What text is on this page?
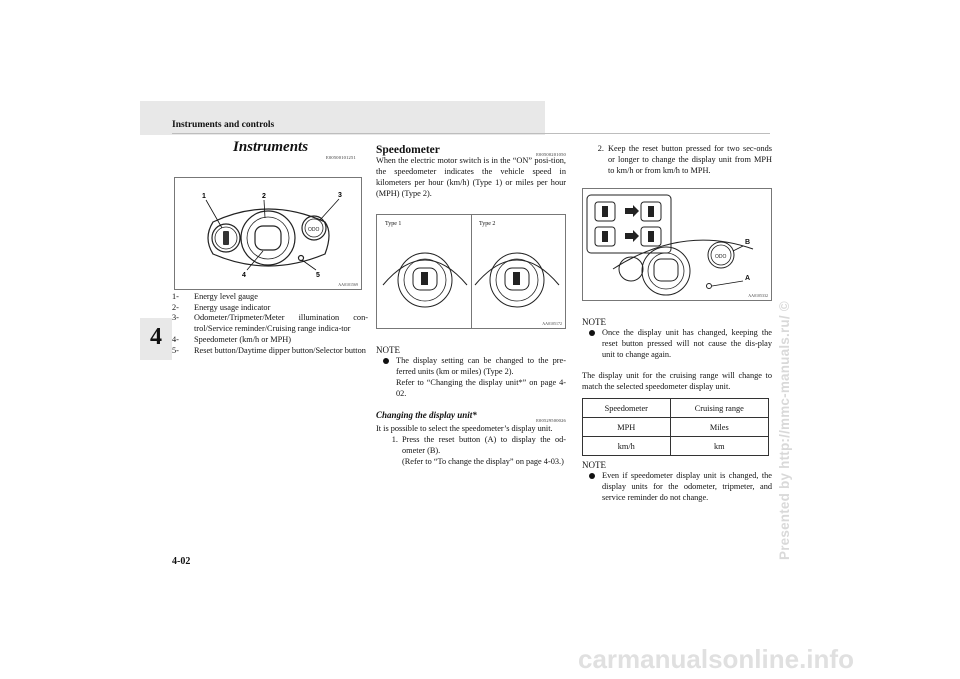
Instruments and controls
4
Instruments
E00500101251
ODO
1	2	3
4	5
AA0101569
1-	Energy level gauge
2-	Energy usage indicator
3-	Odometer/Tripmeter/Meter illumination con-trol/Service reminder/Cruising range indica-tor
4-	Speedometer (km/h or MPH)
5-	Reset button/Daytime dipper button/Selector button
Speedometer	E00500201050
When the electric motor switch is in the “ON” posi-tion, the speedometer indicates the vehicle speed in kilometers per hour (km/h) (Type 1) or miles per hour (MPH) (Type 2).
Type 1	Type 2
AA0105172
NOTE
The display setting can be changed to the pre-ferred units (km or miles) (Type 2).
Refer to “Changing the display unit*” on page 4-02.
Changing the display unit*
E00529500026
It is possible to select the speedometer’s display unit.
1. Press the reset button (A) to display the od-ometer (B).
(Refer to “To change the display” on page 4-03.)
2. Keep the reset button pressed for two sec-onds or longer to change the display unit from MPH to km/h or from km/h to MPH.
ODO
B
A
AA0105332
NOTE
Once the display unit has changed, keeping the reset button pressed will not cause the dis-play unit to change again.
The display unit for the cruising range will change to match the selected speedometer display unit.
Speedometer	Cruising range
MPH	Miles
km/h	km
NOTE
Even if speedometer display unit is changed, the display units for the odometer, tripmeter, and service reminder do not change.
4-02
Presented by http://mmc-manuals.ru/ ©
carmanualsonline.info
